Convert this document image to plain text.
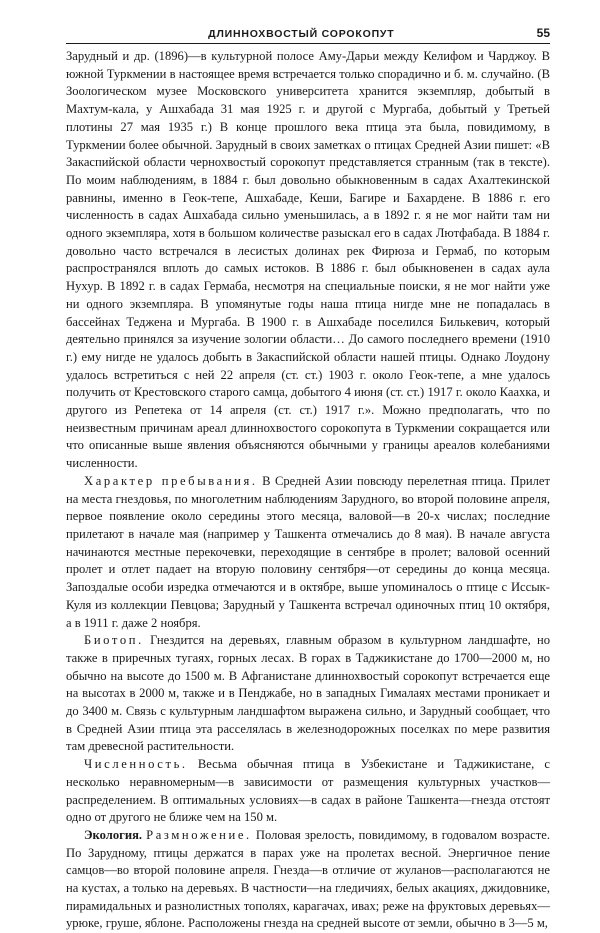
ДЛИННОХВОСТЫЙ СОРОКОПУТ	55

Зарудный и др. (1896)—в культурной полосе Аму-Дарьи между Келифом и Чарджоу. В южной Туркмении в настоящее время встречается только спорадично и б. м. случайно. (В Зоологическом музее Московского университета хранится экземпляр, добытый в Махтум-кала, у Ашхабада 31 мая 1925 г. и другой с Мургаба, добытый у Третьей плотины 27 мая 1935 г.) В конце прошлого века птица эта была, повидимому, в Туркмении более обычной. Зарудный в своих заметках о птицах Средней Азии пишет: «В Закаспийской области чернохвостый сорокопут представляется странным (так в тексте). По моим наблюдениям, в 1884 г. был довольно обыкновенным в садах Ахалтекинской равнины, именно в Геок-тепе, Ашхабаде, Кеши, Багире и Бахардене. В 1886 г. его численность в садах Ашхабада сильно уменьшилась, а в 1892 г. я не мог найти там ни одного экземпляра, хотя в большом количестве разыскал его в садах Лютфабада. В 1884 г. довольно часто встречался в лесистых долинах рек Фирюза и Гермаб, по которым распространялся вплоть до самых истоков. В 1886 г. был обыкновенен в садах аула Нухур. В 1892 г. в садах Гермаба, несмотря на специальные поиски, я не мог найти уже ни одного экземпляра. В упомянутые годы наша птица нигде мне не попадалась в бассейнах Теджена и Мургаба. В 1900 г. в Ашхабаде поселился Билькевич, который деятельно принялся за изучение зологии области… До самого последнего времени (1910 г.) ему нигде не удалось добыть в Закаспийской области нашей птицы. Однако Лоудону удалось встретиться с ней 22 апреля (ст. ст.) 1903 г. около Геок-тепе, а мне удалось получить от Крестовского старого самца, добытого 4 июня (ст. ст.) 1917 г. около Каахка, и другого из Репетека от 14 апреля (ст. ст.) 1917 г.». Можно предполагать, что по неизвестным причинам ареал длиннохвостого сорокопута в Туркмении сокращается или что описанные выше явления объясняются обычными у границы ареалов колебаниями численности.

Характер пребывания. В Средней Азии повсюду перелетная птица. Прилет на места гнездовья, по многолетним наблюдениям Зарудного, во второй половине апреля, первое появление около середины этого месяца, валовой—в 20-х числах; последние прилетают в начале мая (например у Ташкента отмечались до 8 мая). В начале августа начинаются местные перекочевки, переходящие в сентябре в пролет; валовой осенний пролет и отлет падает на вторую половину сентября—от середины до конца месяца. Запоздалые особи изредка отмечаются и в октябре, выше упоминалось о птице с Иссык-Куля из коллекции Певцова; Зарудный у Ташкента встречал одиночных птиц 10 октября, а в 1911 г. даже 2 ноября.

Биотоп. Гнездится на деревьях, главным образом в культурном ландшафте, но также в приречных тугаях, горных лесах. В горах в Таджикистане до 1700—2000 м, но обычно на высоте до 1500 м. В Афганистане длиннохвостый сорокопут встречается еще на высотах в 2000 м, также и в Пенджабе, но в западных Гималаях местами проникает и до 3400 м. Связь с культурным ландшафтом выражена сильно, и Зарудный сообщает, что в Средней Азии птица эта расселялась в железнодорожных поселках по мере развития там древесной растительности.

Численность. Весьма обычная птица в Узбекистане и Таджикистане, с несколько неравномерным—в зависимости от размещения культурных участков—распределением. В оптимальных условиях—в садах в районе Ташкента—гнезда отстоят одно от другого не ближе чем на 150 м.

Экология. Размножение. Половая зрелость, повидимому, в годовалом возрасте. По Зарудному, птицы держатся в парах уже на пролетах весной. Энергичное пение самцов—во второй половине апреля. Гнезда—в отличие от жуланов—располагаются не на кустах, а только на деревьях. В частности—на гледичиях, белых акациях, джидовнике, пирамидальных и разнолистных тополях, карагачах, ивах; реже на фруктовых деревьях—урюке, груше, яблоне. Расположены гнезда на средней высоте от земли, обычно в 3—5 м,
